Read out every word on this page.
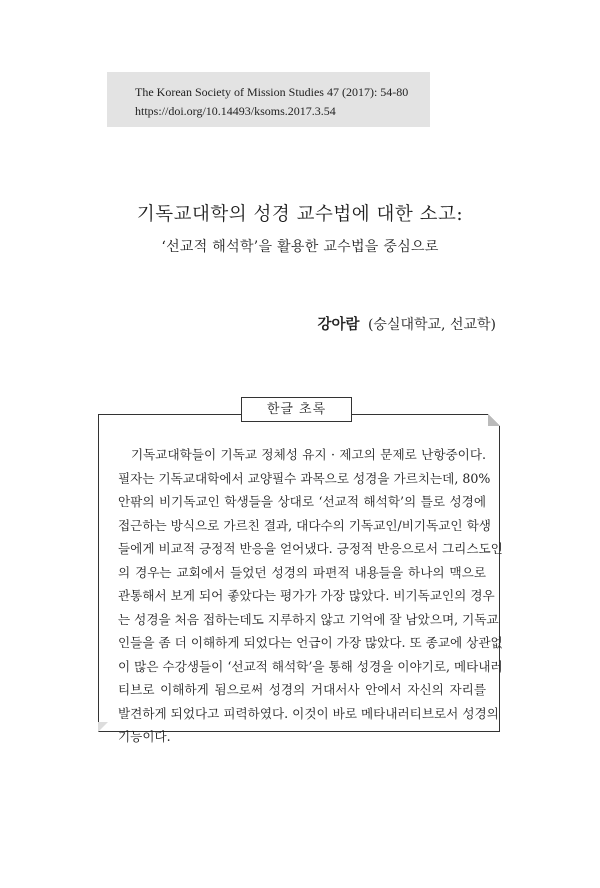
The Korean Society of Mission Studies 47 (2017): 54-80
https://doi.org/10.14493/ksoms.2017.3.54
기독교대학의 성경 교수법에 대한 소고:
‘선교적 해석학’을 활용한 교수법을 중심으로
강아람 (숭실대학교, 선교학)
한글 초록
　기독교대학들이 기독교 정체성 유지 · 제고의 문제로 난항중이다.
필자는 기독교대학에서 교양필수 과목으로 성경을 가르치는데, 80%
안팎의 비기독교인 학생들을 상대로 ‘선교적 해석학’의 틀로 성경에
접근하는 방식으로 가르친 결과, 대다수의 기독교인/비기독교인 학생
들에게 비교적 긍정적 반응을 얻어냈다. 긍정적 반응으로서 그리스도인
의 경우는 교회에서 들었던 성경의 파편적 내용들을 하나의 맥으로
관통해서 보게 되어 좋았다는 평가가 가장 많았다. 비기독교인의 경우
는 성경을 처음 접하는데도 지루하지 않고 기억에 잘 남았으며, 기독교
인들을 좀 더 이해하게 되었다는 언급이 가장 많았다. 또 종교에 상관없
이 많은 수강생들이 ‘선교적 해석학’을 통해 성경을 이야기로, 메타내러
티브로 이해하게 됨으로써 성경의 거대서사 안에서 자신의 자리를
발견하게 되었다고 피력하였다. 이것이 바로 메타내러티브로서 성경의
기능이다.
